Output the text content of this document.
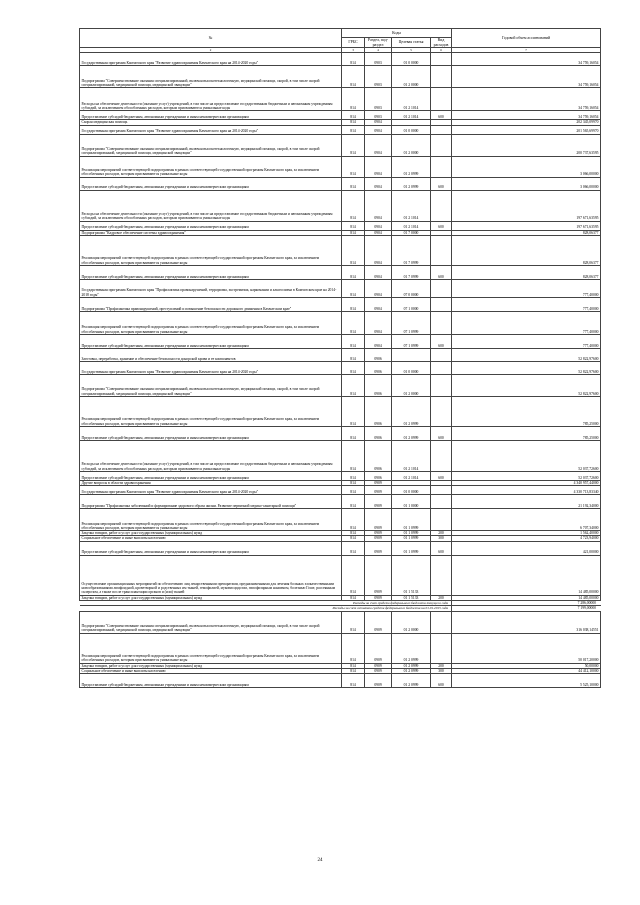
№	Коды				Годовой объем ассигнований
	ГРБС	Раздел, под-раздел	Целевая статья	Вид расходов	
2	3	4	5	6	7
Государственная программа Камчатского края "Развитие здравоохранения Камчатского края на 2014-2020 годы"	814	0903	01 0 0000		34 759,16054
Подпрограмма "Совершенствование оказания специализированной, включая высокотехнологичную, медицинской помощи, скорой, в том числе скорой специализированной, медицинской помощи, медицинской эвакуации"	814	0903	01 2 0000		34 759,16054
Расходы на обеспечение деятельности (оказание услуг) учреждений, в том числе на предоставление государственным бюджетным и автономным учреждениям субсидий, за исключением обособленных расходов, которым присваиваются уникальные коды	814	0903	01 2 1014		34 759,16054
Предоставление субсидий бюджетным, автономным учреждениям и иным некоммерческим организациям	814	0903	01 2 1014	600	34 759,16054
Скорая медицинская помощь	814	0904			202 345,09970
Государственная программа Камчатского края "Развитие здравоохранения Камчатского края на 2014-2020 годы"	814	0904	01 0 0000		201 565,69970
Подпрограмма "Совершенствование оказания специализированной, включая высокотехнологичную, медицинской помощи, скорой, в том числе скорой специализированной, медицинской помощи, медицинской эвакуации"	814	0904	01 2 0000		200 737,63595
Реализация мероприятий соответствующей подпрограммы в рамках соответствующей государственной программы Камчатского края, за исключением обособленных расходов, которым присваиваются уникальные коды	814	0904	01 2 0999		3 066,00000
Предоставление субсидий бюджетным, автономным учреждениям и иным некоммерческим организациям	814	0904	01 2 0999	600	3 066,00000
Расходы на обеспечение деятельности (оказание услуг) учреждений, в том числе на предоставление государственным бюджетным и автономным учреждениям субсидий, за исключением обособленных расходов, которым присваиваются уникальные коды	814	0904	01 2 1014		197 671,63595
Предоставление субсидий бюджетным, автономным учреждениям и иным некоммерческим организациям	814	0904	01 2 1014	600	197 671,63595
Подпрограмма "Кадровое обеспечение системы здравоохранения"	814	0904	01 7 0000		828,06377
Реализация мероприятий соответствующей подпрограммы в рамках соответствующей государственной программы Камчатского края, за исключением обособленных расходов, которым присваиваются уникальные коды	814	0904	01 7 0999		828,06377
Предоставление субсидий бюджетным, автономным учреждениям и иным некоммерческим организациям	814	0904	01 7 0999	600	828,06377
Государственная программа Камчатского края "Профилактика правонарушений, терроризма, экстремизма, наркомании и алкоголизма в Камчатском крае на 2014-2018 годы"	814	0904	07 0 0000		777,40000
Подпрограмма "Профилактика правонарушений, преступлений и повышение безопасности дорожного движения в Камчатском крае"	814	0904	07 1 0000		777,40000
Реализация мероприятий соответствующей подпрограммы в рамках соответствующей государственной программы Камчатского края, за исключением обособленных расходов, которым присваиваются уникальные коды	814	0904	07 1 0999		777,40000
Предоставление субсидий бюджетным, автономным учреждениям и иным некоммерческим организациям	814	0904	07 1 0999	600	777,40000
Заготовка, переработка, хранение и обеспечение безопасности донорской крови и ее компонентов	814	0906			52 822,97600
Государственная программа Камчатского края "Развитие здравоохранения Камчатского края на 2014-2020 годы"	814	0906	01 0 0000		52 822,97600
Подпрограмма "Совершенствование оказания специализированной, включая высокотехнологичную, медицинской помощи, скорой, в том числе скорой специализированной, медицинской помощи, медицинской эвакуации"	814	0906	01 2 0000		52 822,97600
Реализация мероприятий соответствующей подпрограммы в рамках соответствующей государственной программы Камчатского края, за исключением обособленных расходов, которым присваиваются уникальные коды	814	0906	01 2 0999		785,25000
Предоставление субсидий бюджетным, автономным учреждениям и иным некоммерческим организациям	814	0906	01 2 0999	600	785,25000
Расходы на обеспечение деятельности (оказание услуг) учреждений, в том числе на предоставление государственным бюджетным и автономным учреждениям субсидий, за исключением обособленных расходов, которым присваиваются уникальные коды	814	0906	01 2 1014		52 037,72600
Предоставление субсидий бюджетным, автономным учреждениям и иным некоммерческим организациям	814	0906	01 2 1014	600	52 037,72600
Другие вопросы в области здравоохранения	814	0909			4 340 957,44000
Государственная программа Камчатского края "Развитие здравоохранения Камчатского края на 2014-2020 годы"	814	0909	01 0 0000		4 330 713,83340
Подпрограмма "Профилактика заболеваний и формирование здорового образа жизни. Развитие первичной медико-санитарной помощи"	814	0909	01 1 0000		21 192,34000
Реализация мероприятий соответствующей подпрограммы в рамках соответствующей государственной программы Камчатского края, за исключением обособленных расходов, которым присваиваются уникальные коды	814	0909	01 1 0999		6 707,34000
Закупка товаров, работ и услуг для государственных (муниципальных) нужд	814	0909	01 1 0999	200	1 562,40000
Социальное обеспечение и иные выплаты населению	814	0909	01 1 0999	300	4 723,94000
Предоставление субсидий бюджетным, автономным учреждениям и иным некоммерческим организациям	814	0909	01 1 0999	600	421,00000
Осуществление организационных мероприятий по обеспечению лиц лекарственными препаратами, предназначенными для лечения больных злокачественными новообразованиями лимфоидной, кроветворной и родственных им тканей, гемофилией, муковисцидозом, гипофизарным нанизмом, болезнью Гоше, рассеянным склерозом, а также после трансплантации органов и (или) тканей	814	0909	01 1 5133		14 485,00000
Закупка товаров, работ и услуг для государственных (муниципальных) нужд	814	0909	01 1 5133	200	14 485,00000
Расходы за счет средств федерального бюджета текущего года					7 286,00000
Расходы за счет остатков средств федерального бюджета на 01.01.2015 года					7 199,00000
Подпрограмма "Совершенствование оказания специализированной, включая высокотехнологичную, медицинской помощи, скорой, в том числе скорой специализированной, медицинской помощи, медицинской эвакуации"	814	0909	01 2 0000		316 038,14551
Реализация мероприятий соответствующей подпрограммы в рамках соответствующей государственной программы Камчатского края, за исключением обособленных расходов, которым присваиваются уникальные коды	814	0909	01 2 0999		50 017,20000
Закупка товаров, работ и услуг для государственных (муниципальных) нужд	814	0909	01 2 0999	200	50,00000
Социальное обеспечение и иные выплаты населению	814	0909	01 2 0999	300	44 412,10000
Предоставление субсидий бюджетным, автономным учреждениям и иным некоммерческим организациям	814	0909	01 2 0999	600	5 525,10000
24
